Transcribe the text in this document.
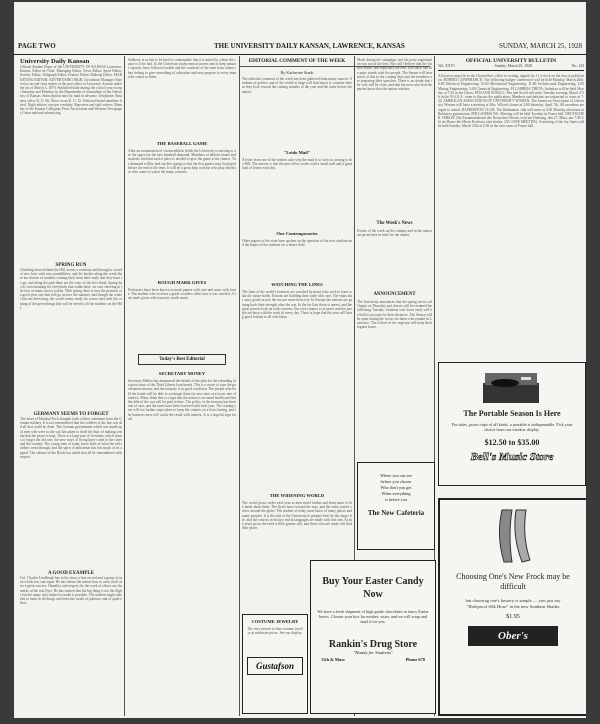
PAGE TWO	THE UNIVERSITY DAILY KANSAN, LAWRENCE, KANSAS	SUNDAY, MARCH 25, 1928
University Daily Kansan
Official Student Paper of the UNIVERSITY OF KANSAS Lawrence, Kansas. Editor-in-Chief, Managing Editor, News Editor, Sport Editor, Society Editor, Telegraph Editor, Feature Editor, Makeup Editor. MARKETING EDITOR. ADVERTISING MGR. Circulation Manager. Entered as second class matter at the post office at Lawrence, Kansas under the act of March 3, 1879. Published daily during the school year except Saturday and Monday by the Department of Journalism of the University of Kansas. Subscription rates by mail in advance. Telephone: Business office K. U. 66, News room K. U. 25. Editorial board members listed. Night editors: one per weekday. Reporters and staff writers. Member of the Kansas Collegiate Press Association and Western Newspaper Union national advertising.
SPRING RUN
Climbing down behind the Hill, across a roadway and through a crowd of new boys with new possibilities, and the bushes along the creek there are dozens of students coming back from their study that they have to go, and along the path there are the scars of the first flood. Spring has its own meaning for everybody that walks there, its own cheering in the face of many snowy weeks. With spring there is now the promise of a good year, one that will go on into the summer; and though the winter has not been long, the world seems ready for a new start with the coming of the green things that will be seen by all the students on the Hill.
GERMANY SEEMS TO FORGET
The heart of Marshal Foch brought forth a bitter statement from the German military. It is not remembered that the soldiers of the late war did all that could be done. The German government which was made up of men who were in the war has taken to itself the duty of making certain that the peace is kept. There is a large part of Germany which seems to forget the old war; the new ways of living have come to the cities and the country. The young men of today know little of what the old soldiers went through, and the spirit of militarism has lost much of its appeal. The cabinet of the Reich has asked that all be remembered with respect.
A GOOD EXAMPLE
Col. Charles Lindbergh has in his favor a fine record and a grasp of men which few can equal. He has shown the nation how to carry itself after a great success. Humility and respect for the work of others are the marks of the real flyer. He has written that the big thing is not the flight but the many who helped to make it possible. The student might take this to heart in all things and learn the worth of patience and of quiet effort.
EDITORIAL COMMENT OF THE WEEK
Sedberry is as fair to be hard to contemplate that it is asked by whom the cause is to be laid. In the University many men of power and of deep natural capacity have followed wealth and the comforts of the men from whom they belong to give something of education and new purpose to every man who comes to learn.
THE BASEBALL GAME
After an examination of vacant athletic fields the University is moving to use the space for the new baseball diamond. Members of athletic teams and students find that such a place is needed to give the game a fair chance. The diamond will be laid out this spring so that the first games may be played before the end of the term. It will be a great help to those who play and those who come to watch the many contests.
ROUGH MARK GIVES
Professors have been known to mark papers with care and some with haste. The student who receives a grade wonders often how it was reached. A fair mark given with reason is worth much.
Today's Best Editorial
SECRETARY MONEY
Secretary Mellon has announced the details of the plan for the refunding of a great issue of the Third Liberty loan bonds. This is a move to save the government money, and the treasury is in good condition. The people who hold the bonds will be able to exchange them for new ones at a lower rate of interest. Many think this is a sign that the nation is in sound health and that the debt of the war will be paid in time. The policy of the treasury has been one of care, and the taxes have been lowered with each year. The coming year will see further steps taken to keep the country on a firm footing, and the business men will watch the result with interest. It is a hopeful sign for all.
By Katherine Staub
The editorial comment of the week has been gathered from many sources. Students of politics and of the world at large will find much to consider here as they look toward the coming months of the year and the tasks before the nation.
"Leido Mail"
A letter from one of the readers asks why the mail is so slow in coming to the Hill. The answer is that the post office works with a small staff and a great load of letters each day.
Our Contemporaries
Other papers of the state have spoken on the question of the new stadium and the hopes of the students for a better field.
WATCHING THE LINES
The lines of the world's business are watched by many who wish to learn what the future holds. Nations are building their trade with care. The ships that carry goods across the sea are more than ever. In Europe the nations are gaining back their strength after the war. In the far East there is unrest, and the great powers look on with concern. Our own country is at peace and her people are busy with the work of every day. There is hope that the year will bring good fortune to all who labor.
THE WIDENING WORLD
The world grows wider each year as men travel farther and learn more of the lands about them. The flyers have crossed the seas, and the radio carries voices around the globe. The student of today must know of many places and many peoples. It is the task of the University to prepare him for this larger life, and the courses in history and in languages are made with this aim. As the years go on the need will be greater still, and those who are ready will find their place.
Made during the campaign, and the party organization was not of the best. But still I believe that the United States, and especially the east, will show that the party stands with the people. The Senate will hear much of this in the coming days and the members are preparing their speeches. There is no doubt that the vote will be close, and that the men who lead the parties know that the nation watches.
The Week's News
Events of the week on the campus and in the nation are given here in brief for the reader.
ANNOUNCEMENT
The University announces that the spring recess will begin on Thursday and classes will be resumed the following Tuesday. Students who leave early will be held to account for their absences. The library will be open during the recess for those who remain in Lawrence. The offices of the registrar will keep their regular hours.
OFFICIAL UNIVERSITY BULLETIN
Vol. XXVI	Sunday, March 25, 1928	No. 123
All notices must be in the Chancellor's office in writing, signed, by 11 o'clock on the day of publication. ROBERT CONFERENCE: The following budget conferences will be held Monday, March 26th; 9:00 Electrical Engineering; 10:00 Mechanical Engineering; 11:00 Architectural Engineering; 2:00 Mining Engineering; 3:00 Chemical Engineering. PI LAMBDA THETA: Initiation will be held Monday at 7:30 in the Union. PEN AND SCROLL: Pen and Scroll will meet Tuesday evening, March 27th in the W.S.G.A. room to discuss the publication. Members and initiates are requested to come at 7:30. AMERICAN ASSOCIATION OF UNIVERSITY WOMEN: The American Association of University Women will have a meeting at Mrs. Wilson's home at 3:00 Saturday, April 7th. All members are urged to attend. BADMINTON CLUB: The Badminton club will meet at 4:30 Monday afternoon in Robinson gymnasium. PHI GAMMA NU: Meeting will be held Tuesday in Fraser hall. DEUTSCHER VEREIN: Die Zusammenkunft des Deutschen Vereins wird am Dienstag, den 27. März, um 7:30 Uhr im Hause des Herrn Professor statt finden. JAY JANE MEETING: A meeting of the Jay Janes will be held Sunday, March 25th at 2:30 in the east room of Fraser hall.
Where you can see
before you choose
Who don't you get
When everything
is before you
The New Cafeteria
COSTUME JEWELRY
The very newest in fine costume jewelry at moderate prices. See our display.
Gustafson
Buy Your Easter Candy Now
We have a fresh shipment of high grade chocolates in fancy Easter boxes. Choose your box for mother, sister, and we will wrap and mail it for you.
Rankin's Drug Store
"Handy for Students"
11th & Mass	Phone 678
The Portable Season Is Here
For takes, picnic trips of all kinds, a portable is indispensable. Pick your choice from our window display.
$12.50 to $35.00
Bell's Music Store
Choosing One's New Frock may be difficult
but choosing one's hosiery is simple — you just say "Holeproof Silk Hose" in the new Sunburn Shades
$1.95
Ober's
